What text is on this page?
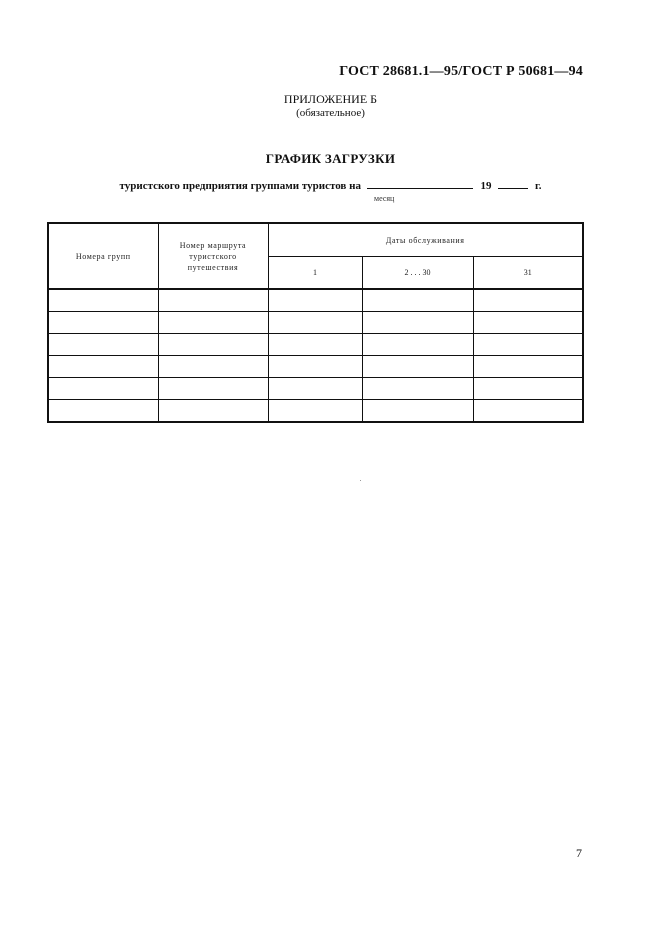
ГОСТ 28681.1—95/ГОСТ Р 50681—94
ПРИЛОЖЕНИЕ Б
(обязательное)
ГРАФИК ЗАГРУЗКИ
туристского предприятия группами туристов на	19	г.
месяц
Номера групп	Номер маршрута туристского путешествия	Даты обслуживания		
		1	2 . . . 30	31

7
